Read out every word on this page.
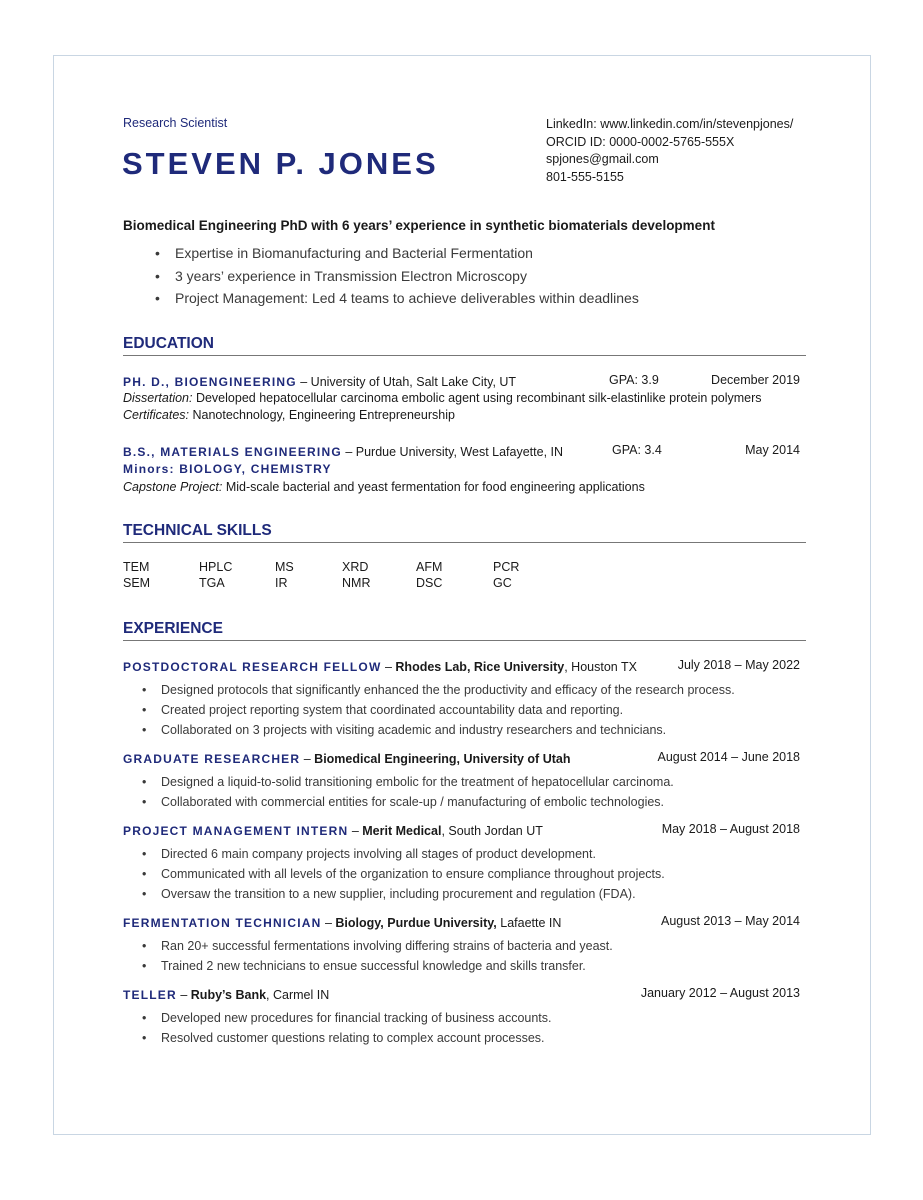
Research Scientist
STEVEN P. JONES
LinkedIn: www.linkedin.com/in/stevenpjones/
ORCID ID: 0000-0002-5765-555X
spjones@gmail.com
801-555-5155
Biomedical Engineering PhD with 6 years’ experience in synthetic biomaterials development
• Expertise in Biomanufacturing and Bacterial Fermentation
• 3 years’ experience in Transmission Electron Microscopy
• Project Management: Led 4 teams to achieve deliverables within deadlines
EDUCATION
PH. D., BIOENGINEERING – University of Utah, Salt Lake City, UT	GPA: 3.9	December 2019
Dissertation: Developed hepatocellular carcinoma embolic agent using recombinant silk-elastinlike protein polymers
Certificates: Nanotechnology, Engineering Entrepreneurship
B.S., MATERIALS ENGINEERING – Purdue University, West Lafayette, IN	GPA: 3.4	May 2014
Minors: BIOLOGY, CHEMISTRY
Capstone Project: Mid-scale bacterial and yeast fermentation for food engineering applications
TECHNICAL SKILLS
TEM	HPLC	MS	XRD	AFM	PCR
SEM	TGA	IR	NMR	DSC	GC
EXPERIENCE
POSTDOCTORAL RESEARCH FELLOW – Rhodes Lab, Rice University, Houston TX	July 2018 – May 2022
• Designed protocols that significantly enhanced the the productivity and efficacy of the research process.
• Created project reporting system that coordinated accountability data and reporting.
• Collaborated on 3 projects with visiting academic and industry researchers and technicians.
GRADUATE RESEARCHER – Biomedical Engineering, University of Utah	August 2014 – June 2018
• Designed a liquid-to-solid transitioning embolic for the treatment of hepatocellular carcinoma.
• Collaborated with commercial entities for scale-up / manufacturing of embolic technologies.
PROJECT MANAGEMENT INTERN – Merit Medical, South Jordan UT	May 2018 – August 2018
• Directed 6 main company projects involving all stages of product development.
• Communicated with all levels of the organization to ensure compliance throughout projects.
• Oversaw the transition to a new supplier, including procurement and regulation (FDA).
FERMENTATION TECHNICIAN – Biology, Purdue University, Lafaette IN	August 2013 – May 2014
• Ran 20+ successful fermentations involving differing strains of bacteria and yeast.
• Trained 2 new technicians to ensue successful knowledge and skills transfer.
TELLER – Ruby’s Bank, Carmel IN	January 2012 – August 2013
• Developed new procedures for financial tracking of business accounts.
• Resolved customer questions relating to complex account processes.
